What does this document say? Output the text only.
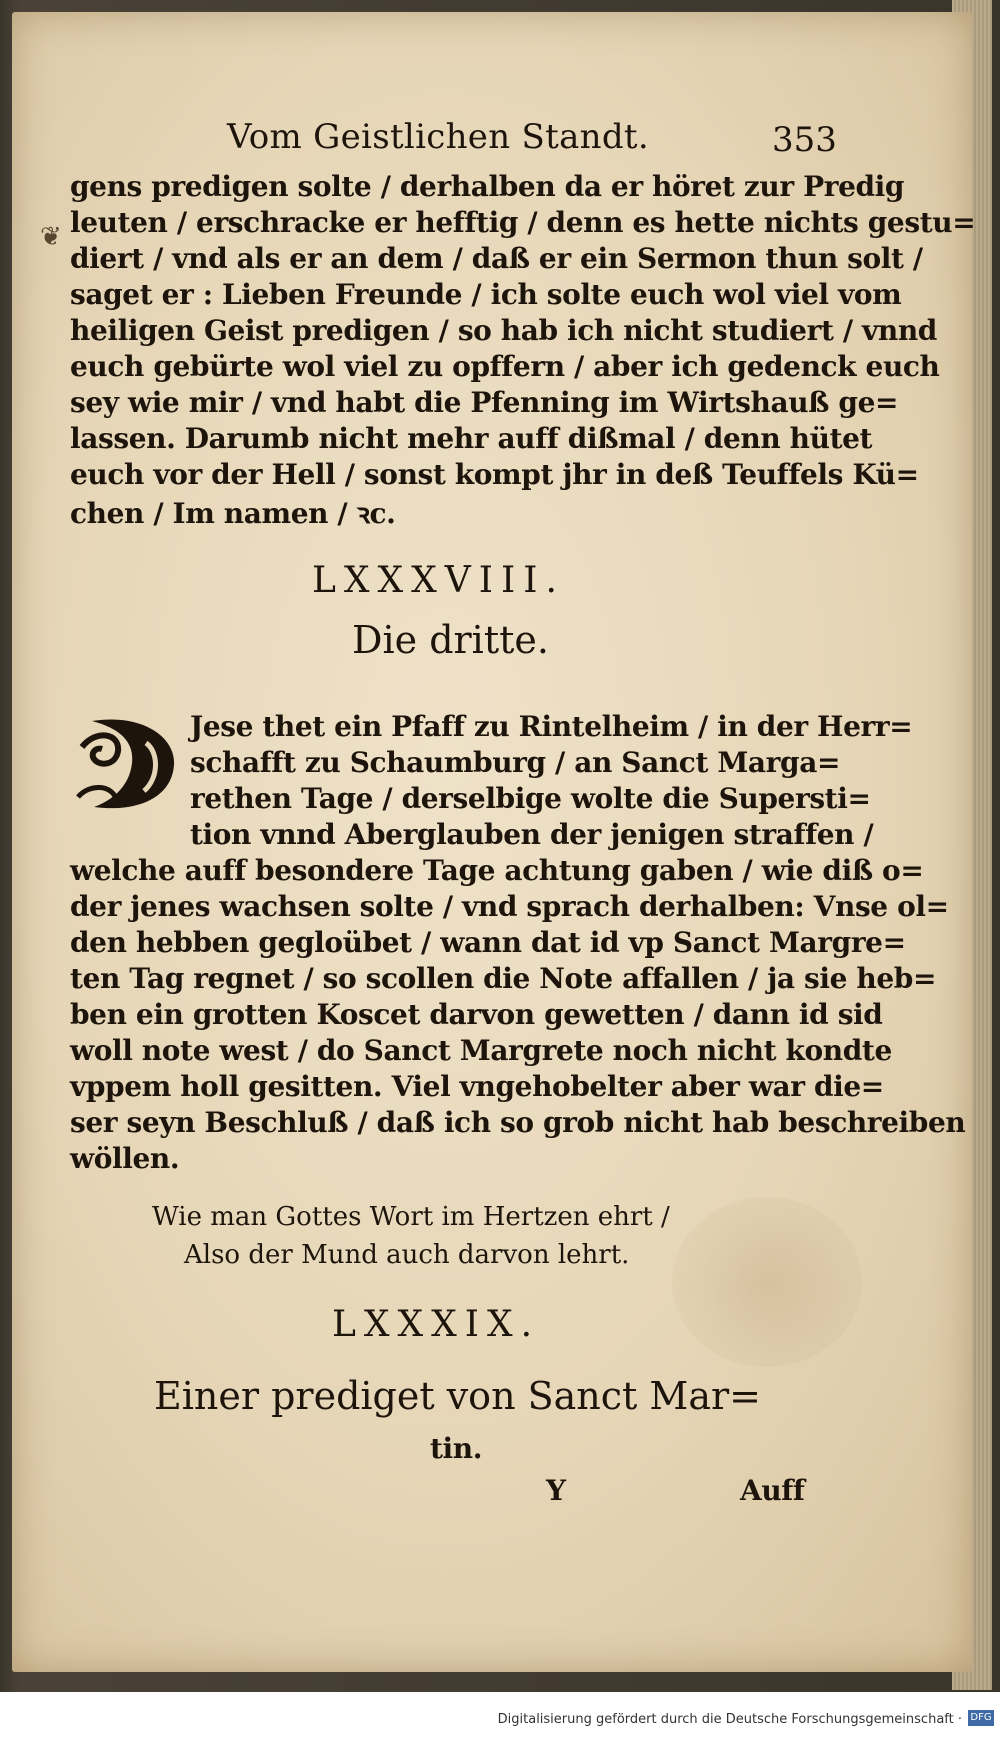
Vom Geistlichen Standt.	353
❦
gens predigen solte / derhalben da er höret zur Predig
leuten / erschracke er hefftig / denn es hette nichts gestu=
diert / vnd als er an dem / daß er ein Sermon thun solt /
saget er : Lieben Freunde / ich solte euch wol viel vom
heiligen Geist predigen / so hab ich nicht studiert / vnnd
euch gebürte wol viel zu opffern / aber ich gedenck euch
sey wie mir / vnd habt die Pfenning im Wirtshauß ge=
lassen. Darumb nicht mehr auff dißmal / denn hütet
euch vor der Hell / sonst kompt jhr in deß Teuffels Kü=
chen / Im namen / ꝛc.
LXXXVIII.
Die dritte.
Jese thet ein Pfaff zu Rintelheim / in der Herr=
schafft zu Schaumburg / an Sanct Marga=
rethen Tage / derselbige wolte die Supersti=
tion vnnd Aberglauben der jenigen straffen /
welche auff besondere Tage achtung gaben / wie diß o=
der jenes wachsen solte / vnd sprach derhalben: Vnse ol=
den hebben gegloübet / wann dat id vp Sanct Margre=
ten Tag regnet / so scollen die Note affallen / ja sie heb=
ben ein grotten Koscet darvon gewetten / dann id sid
woll note west / do Sanct Margrete noch nicht kondte
vppem holl gesitten. Viel vngehobelter aber war die=
ser seyn Beschluß / daß ich so grob nicht hab beschreiben
wöllen.
Wie man Gottes Wort im Hertzen ehrt /
Also der Mund auch darvon lehrt.
LXXXIX.
Einer prediget von Sanct Mar=
tin.
Y	Auff
Digitalisierung gefördert durch die Deutsche Forschungsgemeinschaft · DFG
